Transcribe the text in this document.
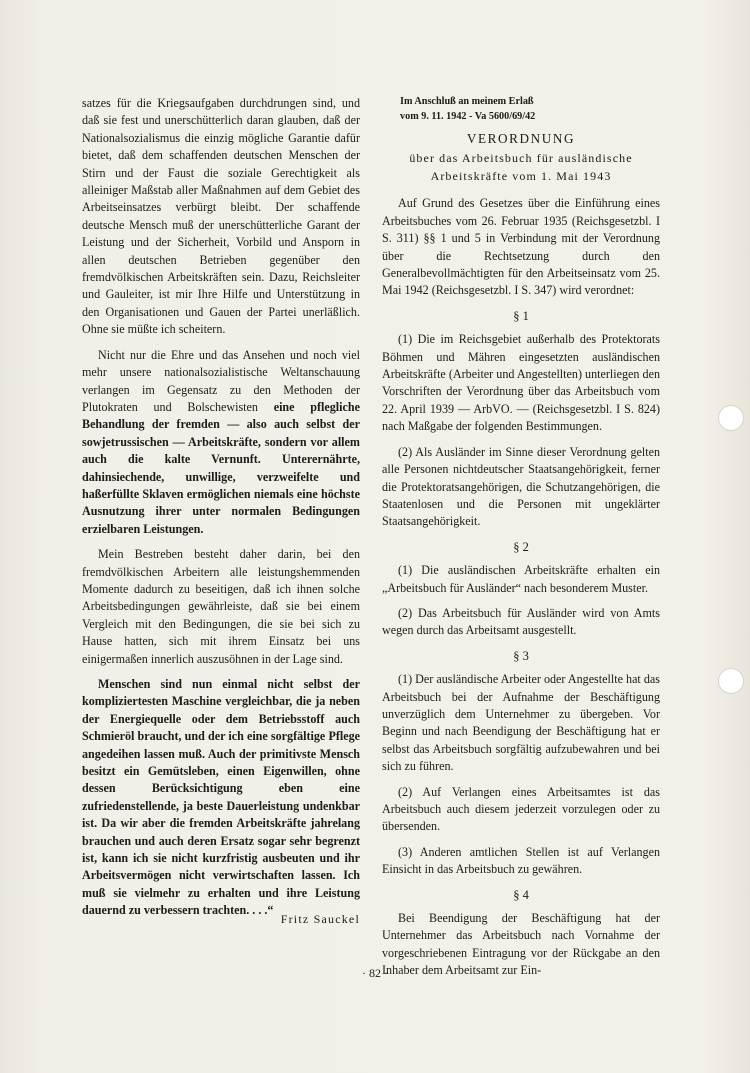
satzes für die Kriegsaufgaben durchdrungen sind, und daß sie fest und unerschütterlich daran glauben, daß der Nationalsozialismus die einzig mögliche Garantie dafür bietet, daß dem schaffenden deutschen Menschen der Stirn und der Faust die soziale Gerechtigkeit als alleiniger Maßstab aller Maßnahmen auf dem Gebiet des Arbeitseinsatzes verbürgt bleibt. Der schaffende deutsche Mensch muß der unerschütterliche Garant der Leistung und der Sicherheit, Vorbild und Ansporn in allen deutschen Betrieben gegenüber den fremdvölkischen Arbeitskräften sein. Dazu, Reichsleiter und Gauleiter, ist mir Ihre Hilfe und Unterstützung in den Organisationen und Gauen der Partei unerläßlich. Ohne sie müßte ich scheitern.

Nicht nur die Ehre und das Ansehen und noch viel mehr unsere nationalsozialistische Weltanschauung verlangen im Gegensatz zu den Methoden der Plutokraten und Bolschewisten eine pflegliche Behandlung der fremden — also auch selbst der sowjetrussischen — Arbeitskräfte, sondern vor allem auch die kalte Vernunft. Unterernährte, dahinsiechende, unwillige, verzweifelte und haßerfüllte Sklaven ermöglichen niemals eine höchste Ausnutzung ihrer unter normalen Bedingungen erzielbaren Leistungen.

Mein Bestreben besteht daher darin, bei den fremdvölkischen Arbeitern alle leistungshemmenden Momente dadurch zu beseitigen, daß ich ihnen solche Arbeitsbedingungen gewährleiste, daß sie bei einem Vergleich mit den Bedingungen, die sie bei sich zu Hause hatten, sich mit ihrem Einsatz bei uns einigermaßen innerlich auszusöhnen in der Lage sind.

Menschen sind nun einmal nicht selbst der kompliziertesten Maschine vergleichbar, die ja neben der Energiequelle oder dem Betriebsstoff auch Schmieröl braucht, und der ich eine sorgfältige Pflege angedeihen lassen muß. Auch der primitivste Mensch besitzt ein Gemütsleben, einen Eigenwillen, ohne dessen Berücksichtigung eben eine zufriedenstellende, ja beste Dauerleistung undenkbar ist. Da wir aber die fremden Arbeitskräfte jahrelang brauchen und auch deren Ersatz sogar sehr begrenzt ist, kann ich sie nicht kurzfristig ausbeuten und ihr Arbeitsvermögen nicht verwirtschaften lassen. Ich muß sie vielmehr zu erhalten und ihre Leistung dauernd zu verbessern trachten. . . .“

Fritz Sauckel
Im Anschluß an meinem Erlaß
vom 9. 11. 1942 - Va 5600/69/42
VERORDNUNG
über das Arbeitsbuch für ausländische
Arbeitskräfte vom 1. Mai 1943

Auf Grund des Gesetzes über die Einführung eines Arbeitsbuches vom 26. Februar 1935 (Reichsgesetzbl. I S. 311) §§ 1 und 5 in Verbindung mit der Verordnung über die Rechtsetzung durch den Generalbevollmächtigten für den Arbeitseinsatz vom 25. Mai 1942 (Reichsgesetzbl. I S. 347) wird verordnet:

§ 1

(1) Die im Reichsgebiet außerhalb des Protektorats Böhmen und Mähren eingesetzten ausländischen Arbeitskräfte (Arbeiter und Angestellten) unterliegen den Vorschriften der Verordnung über das Arbeitsbuch vom 22. April 1939 — ArbVO. — (Reichsgesetzbl. I S. 824) nach Maßgabe der folgenden Bestimmungen.

(2) Als Ausländer im Sinne dieser Verordnung gelten alle Personen nichtdeutscher Staatsangehörigkeit, ferner die Protektoratsangehörigen, die Schutzangehörigen, die Staatenlosen und die Personen mit ungeklärter Staatsangehörigkeit.

§ 2

(1) Die ausländischen Arbeitskräfte erhalten ein „Arbeitsbuch für Ausländer“ nach besonderem Muster.

(2) Das Arbeitsbuch für Ausländer wird von Amts wegen durch das Arbeitsamt ausgestellt.

§ 3

(1) Der ausländische Arbeiter oder Angestellte hat das Arbeitsbuch bei der Aufnahme der Beschäftigung unverzüglich dem Unternehmer zu übergeben. Vor Beginn und nach Beendigung der Beschäftigung hat er selbst das Arbeitsbuch sorgfältig aufzubewahren und bei sich zu führen.

(2) Auf Verlangen eines Arbeitsamtes ist das Arbeitsbuch auch diesem jederzeit vorzulegen oder zu übersenden.

(3) Anderen amtlichen Stellen ist auf Verlangen Einsicht in das Arbeitsbuch zu gewähren.

§ 4

Bei Beendigung der Beschäftigung hat der Unternehmer das Arbeitsbuch nach Vornahme der vorgeschriebenen Eintragung vor der Rückgabe an den Inhaber dem Arbeitsamt zur Ein-

· 82 ·
